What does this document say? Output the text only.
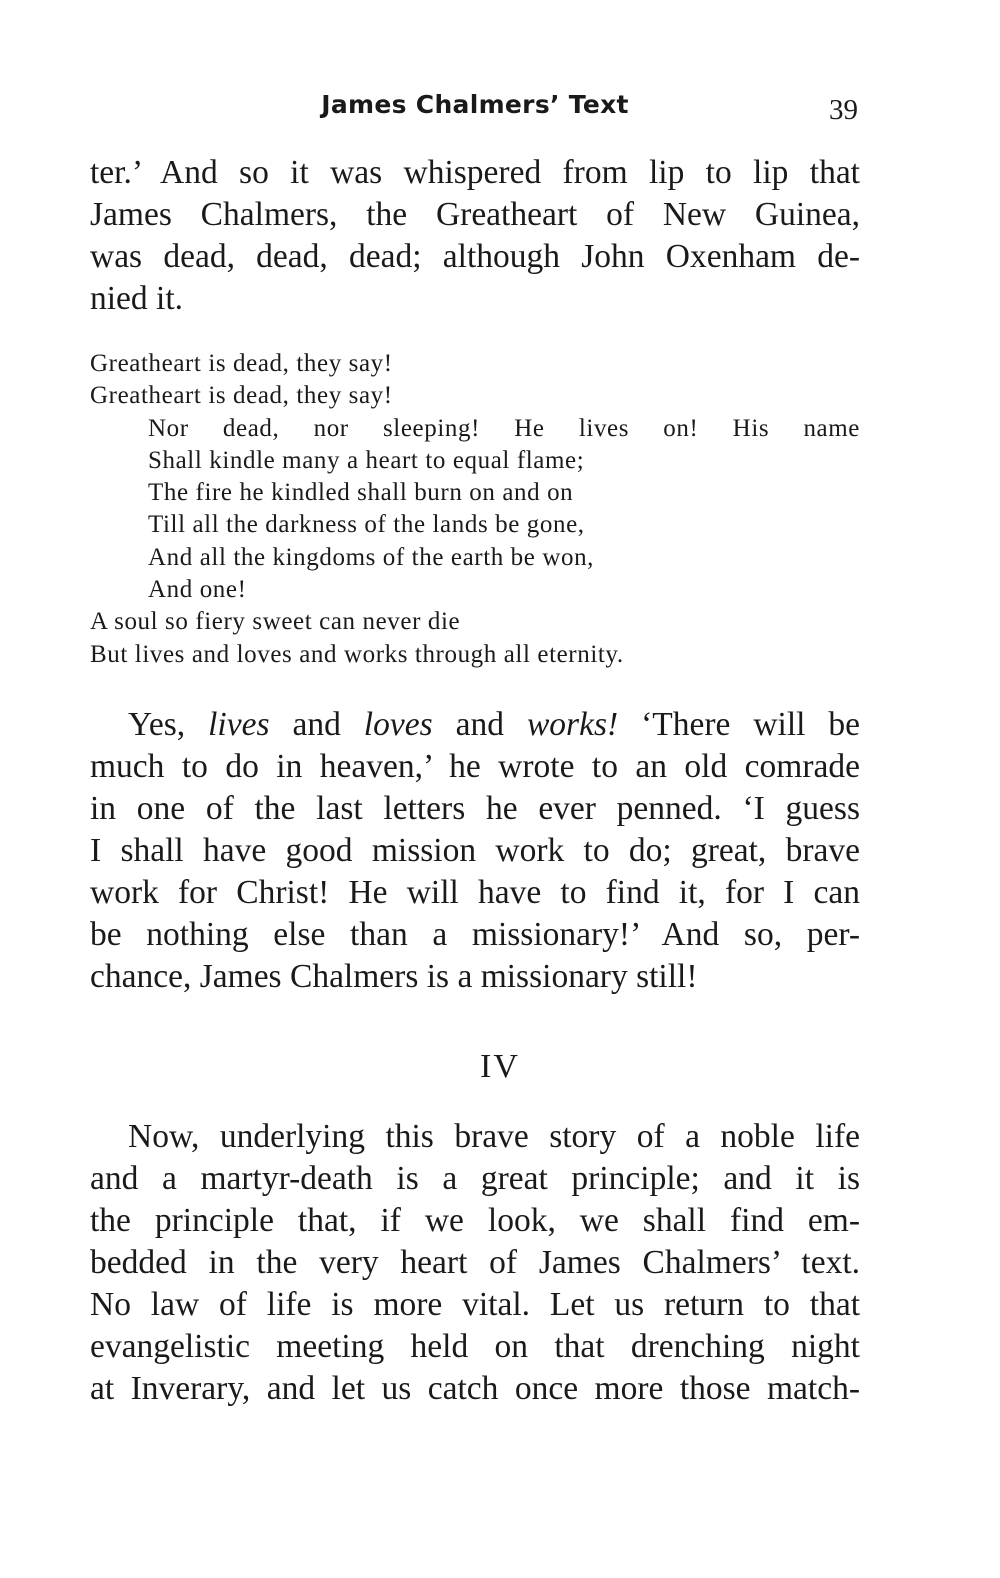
James Chalmers’ Text	39
ter.’ And so it was whispered from lip to lip that
James Chalmers, the Greatheart of New Guinea,
was dead, dead, dead; although John Oxenham de-
nied it.
Greatheart is dead, they say!
Greatheart is dead, they say!
Nor dead, nor sleeping! He lives on! His name
Shall kindle many a heart to equal flame;
The fire he kindled shall burn on and on
Till all the darkness of the lands be gone,
And all the kingdoms of the earth be won,
And one!
A soul so fiery sweet can never die
But lives and loves and works through all eternity.
Yes, lives and loves and works! ‘There will be
much to do in heaven,’ he wrote to an old comrade
in one of the last letters he ever penned. ‘I guess
I shall have good mission work to do; great, brave
work for Christ! He will have to find it, for I can
be nothing else than a missionary!’ And so, per-
chance, James Chalmers is a missionary still!
IV
Now, underlying this brave story of a noble life
and a martyr-death is a great principle; and it is
the principle that, if we look, we shall find em-
bedded in the very heart of James Chalmers’ text.
No law of life is more vital. Let us return to that
evangelistic meeting held on that drenching night
at Inverary, and let us catch once more those match-
